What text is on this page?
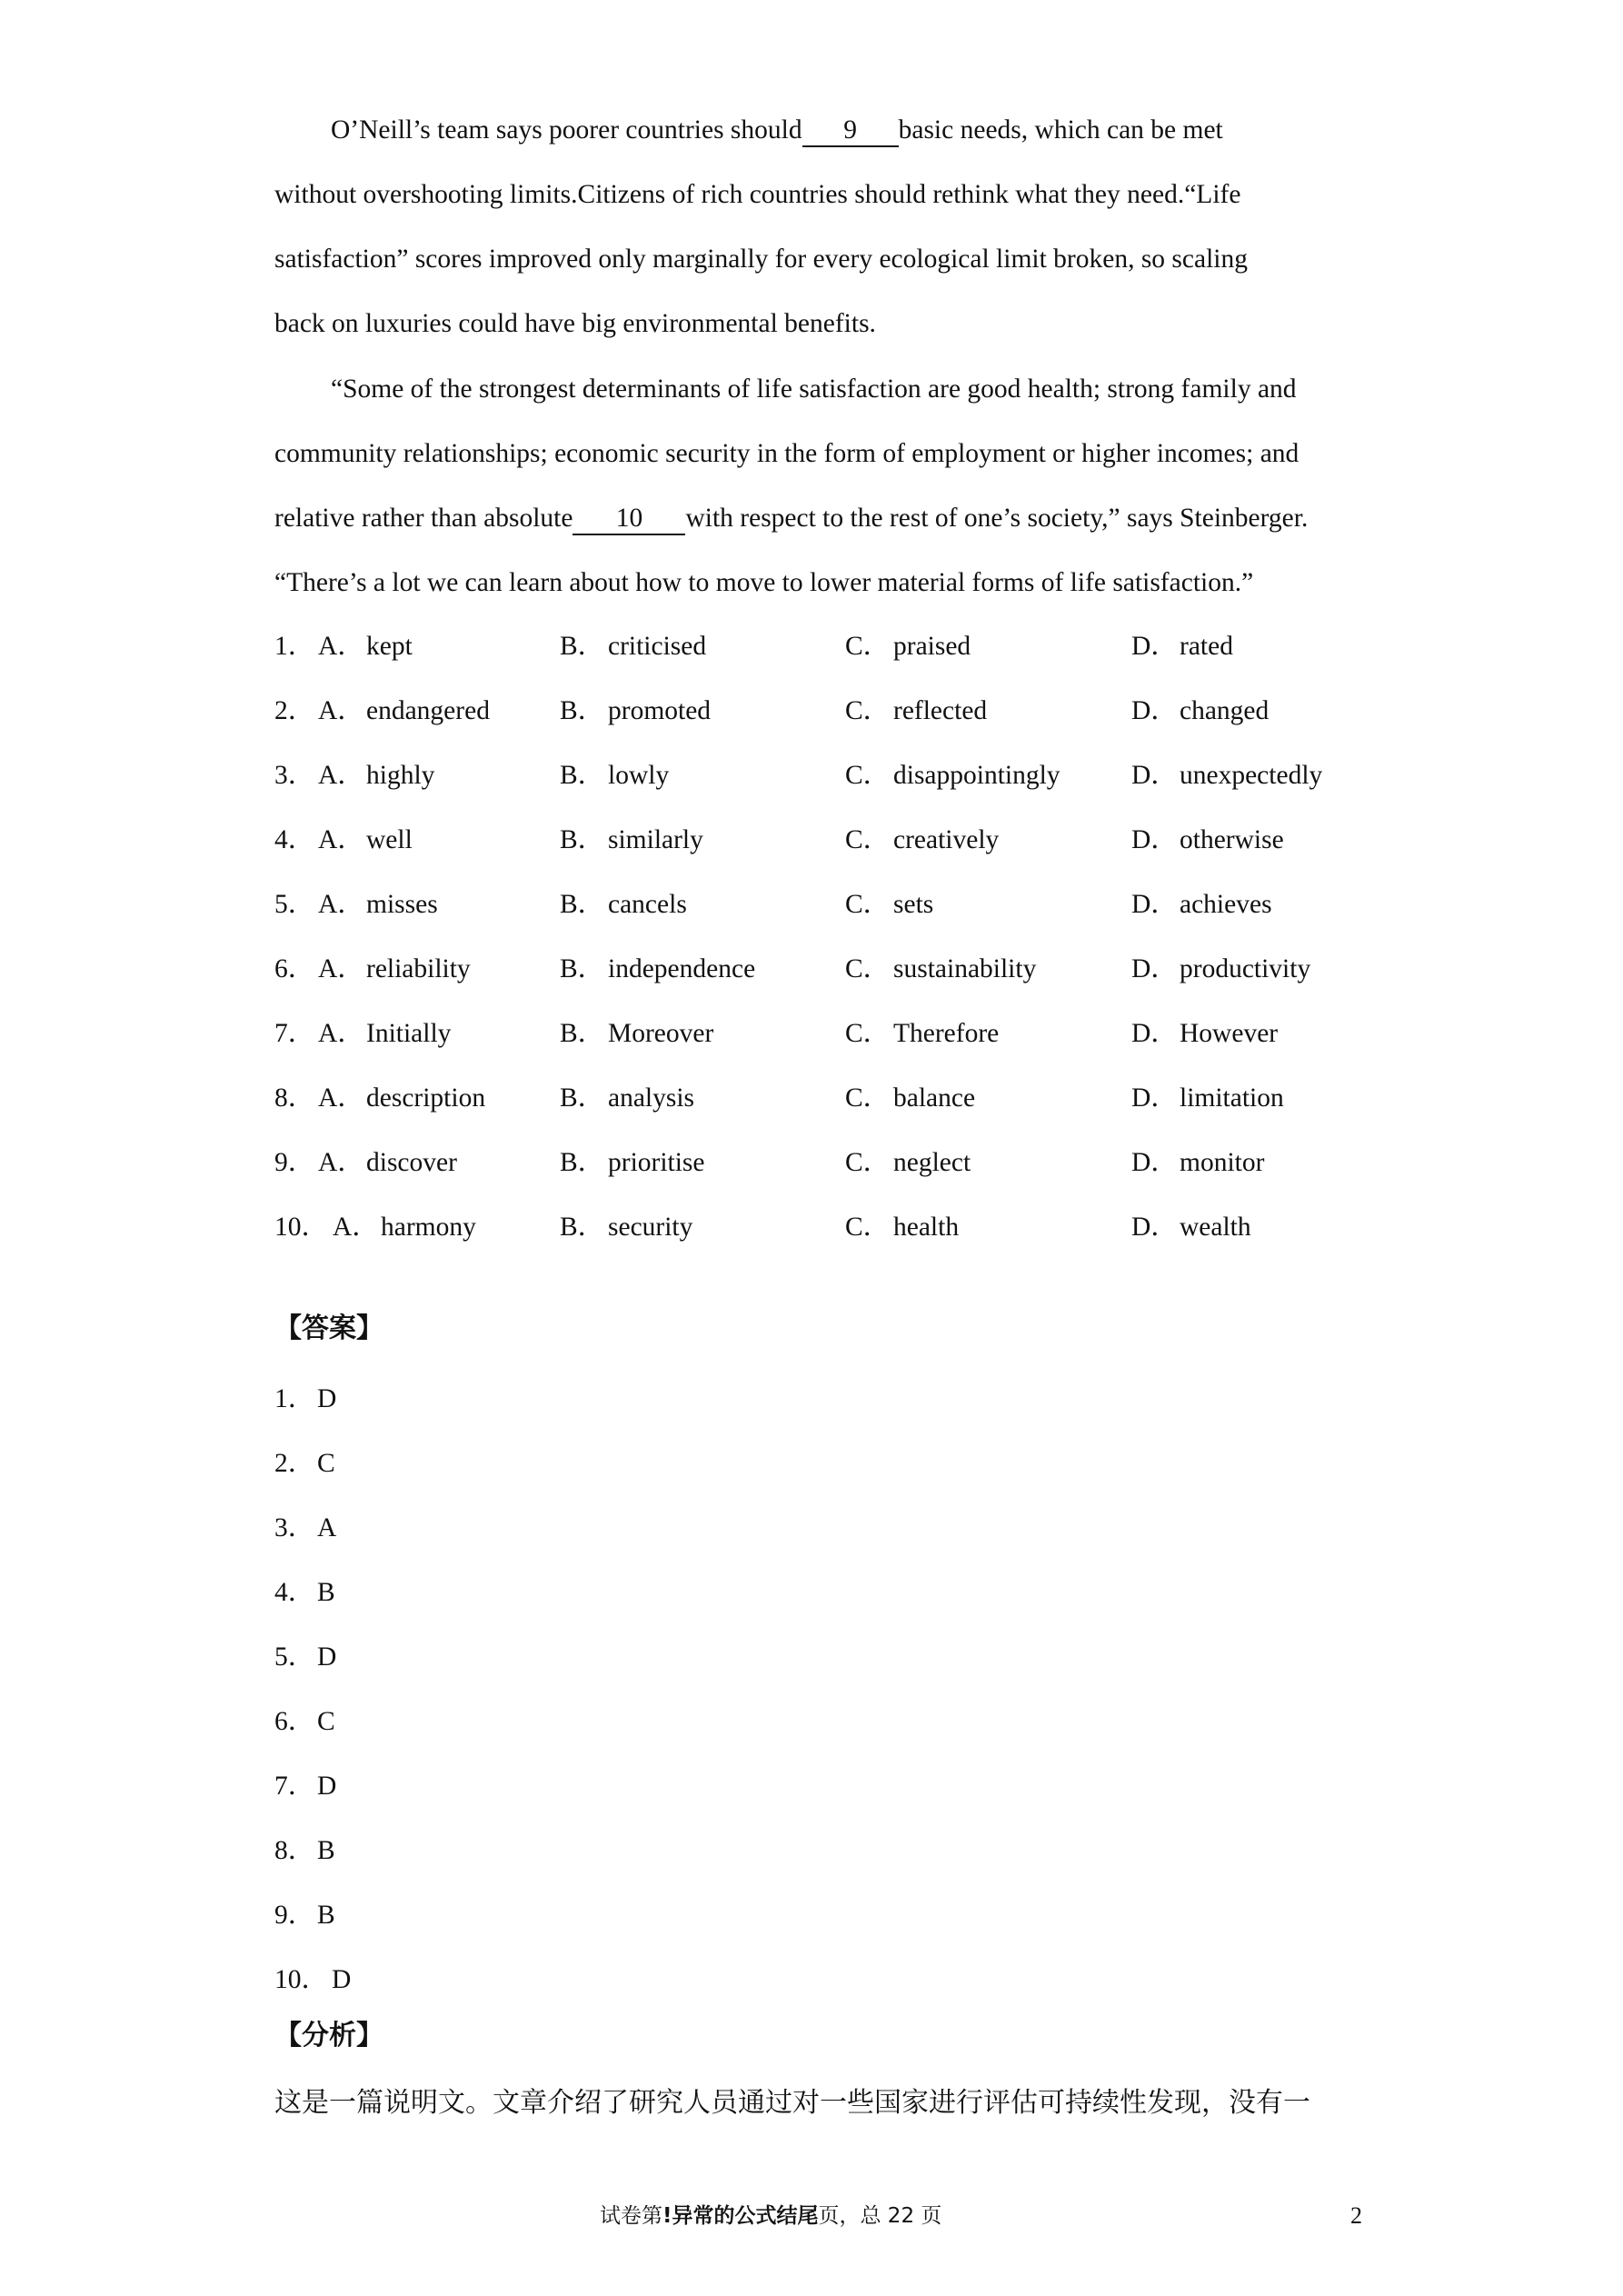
O’Neill’s team says poorer countries should 9 basic needs, which can be met
without overshooting limits.Citizens of rich countries should rethink what they need.“Life
satisfaction” scores improved only marginally for every ecological limit broken, so scaling
back on luxuries could have big environmental benefits.

“Some of the strongest determinants of life satisfaction are good health; strong family and
community relationships; economic security in the form of employment or higher incomes; and
relative rather than absolute 10 with respect to the rest of one’s society,” says Steinberger.
“There’s a lot we can learn about how to move to lower material forms of life satisfaction.”

1． A．kept	B． criticised	C． praised	D．rated
2． A．endangered	B． promoted	C． reflected	D．changed
3． A．highly	B． lowly	C． disappointingly	D．unexpectedly
4． A．well	B． similarly	C． creatively	D．otherwise
5． A．misses	B． cancels	C． sets	D．achieves
6． A．reliability	B． independence	C． sustainability	D．productivity
7． A．Initially	B． Moreover	C． Therefore	D．However
8． A．description	B． analysis	C． balance	D．limitation
9． A．discover	B． prioritise	C． neglect	D．monitor
10． A．harmony	B． security	C． health	D．wealth
【答案】
1．D
2．C
3．A
4．B
5．D
6．C
7．D
8．B
9．B
10． D
【分析】
这是一篇说明文。文章介绍了研究人员通过对一些国家进行评估可持续性发现，没有一
试卷第!异常的公式结尾页，总 22 页	2
